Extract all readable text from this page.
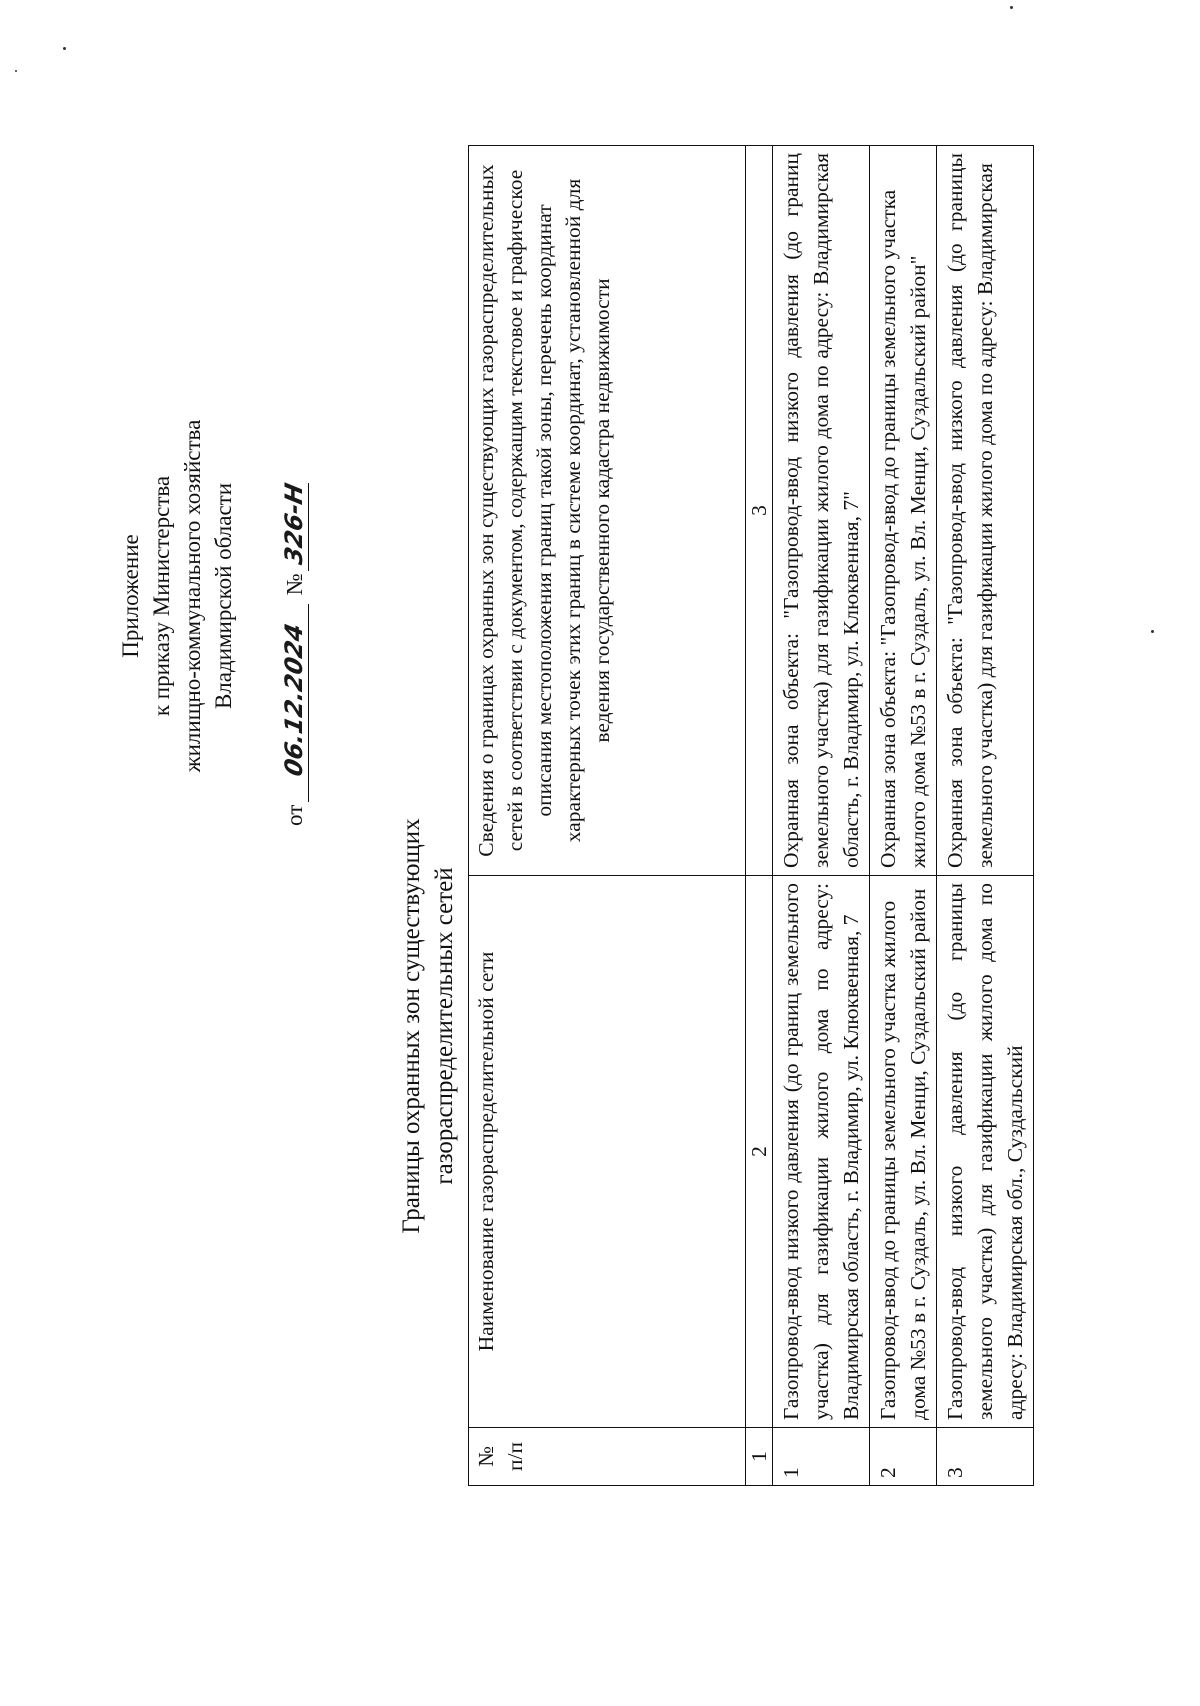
Границы охранных зон существующих газораспределительных сетей
Приложение к приказу Министерства жилищно-коммунального хозяйства Владимирской области
от 06.12.2024 № 326-Н
№ п/п	Наименование газораспределительной сети	Сведения о границах охранных зон существующих газораспределительных сетей в соответствии с документом, содержащим текстовое и графическое описания местоположения границ такой зоны, перечень координат характерных точек этих границ в системе координат, установленной для ведения государственного кадастра недвижимости
1	2	3
1	Газопровод-ввод низкого давления (до границ земельного участка) для газификации жилого дома по адресу: Владимирская область, г. Владимир, ул. Клюквенная, 7	Охранная зона объекта: "Газопровод-ввод низкого давления (до границ земельного участка) для газификации жилого дома по адресу: Владимирская область, г. Владимир, ул. Клюквенная, 7"
2	Газопровод-ввод до границы земельного участка жилого дома №53 в г. Суздаль, ул. Вл. Менци, Суздальский район	Охранная зона объекта: "Газопровод-ввод до границы земельного участка жилого дома №53 в г. Суздаль, ул. Вл. Менци, Суздальский район"
3	Газопровод-ввод низкого давления (до границы земельного участка) для газификации жилого дома по адресу: Владимирская обл., Суздальский	Охранная зона объекта: "Газопровод-ввод низкого давления (до границы земельного участка) для газификации жилого дома по адресу: Владимирская
